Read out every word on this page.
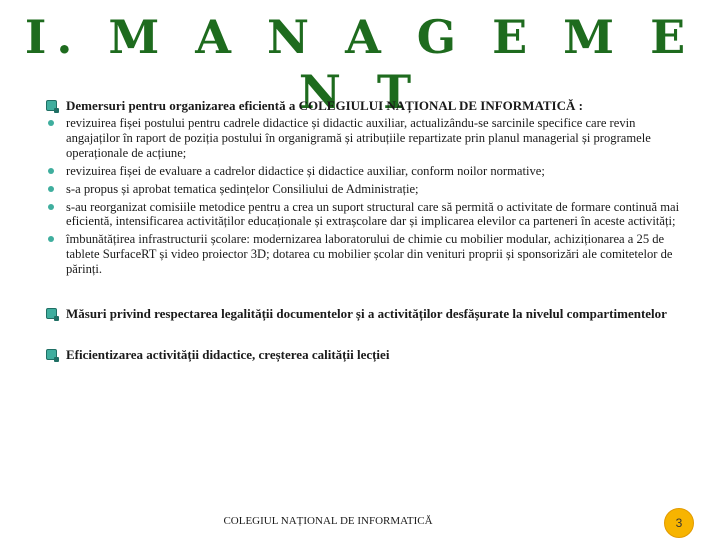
I. M A N A G E M E N T
Demersuri pentru organizarea eficientă a COLEGIULUI NAȚIONAL DE INFORMATICĂ :
revizuirea fișei postului pentru cadrele didactice și didactic auxiliar, actualizându-se sarcinile specifice care revin angajaților în raport de poziția postului în organigramă și atribuțiile repartizate prin planul managerial și programele operaționale de acțiune;
revizuirea fișei de evaluare a cadrelor didactice și didactice auxiliar, conform noilor normative;
s-a propus și aprobat tematica ședințelor Consiliului de Administrație;
s-au reorganizat comisiile metodice pentru a crea un suport structural care să permită o activitate de formare continuă mai eficientă, intensificarea activităților educaționale și extrașcolare dar și implicarea elevilor ca parteneri în aceste activități;
îmbunătățirea infrastructurii școlare: modernizarea laboratorului de chimie cu mobilier modular, achiziționarea a 25 de tablete SurfaceRT și video proiector 3D; dotarea cu mobilier școlar din venituri proprii și sponsorizări ale comitetelor de părinți.
Măsuri privind respectarea legalității documentelor și a activităților desfășurate la nivelul compartimentelor
Eficientizarea activității didactice, creșterea calității lecției
COLEGIUL NAȚIONAL DE INFORMATICĂ	3
